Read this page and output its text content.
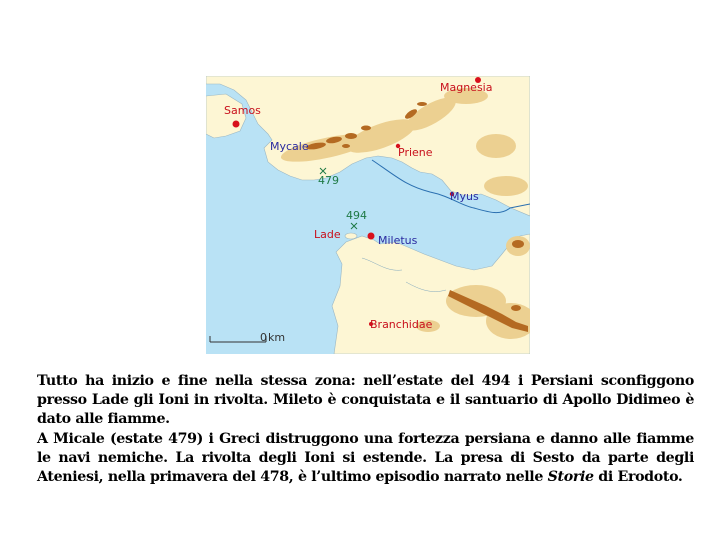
Samos
Magnesia
Mycale	Priene
Myus
Lade	Miletus
Branchidae
479
494
0 km

Tutto ha inizio e fine nella stessa zona: nell’estate del 494 i Persiani sconfiggono presso Lade gli Ioni in rivolta. Mileto è conquistata e il santuario di Apollo Didimeo è dato alle fiamme.

A Micale (estate 479) i Greci distruggono una fortezza persiana e danno alle fiamme le navi nemiche. La rivolta degli Ioni si estende. La presa di Sesto da parte degli Ateniesi, nella primavera del 478, è l’ultimo episodio narrato nelle Storie di Erodoto.
